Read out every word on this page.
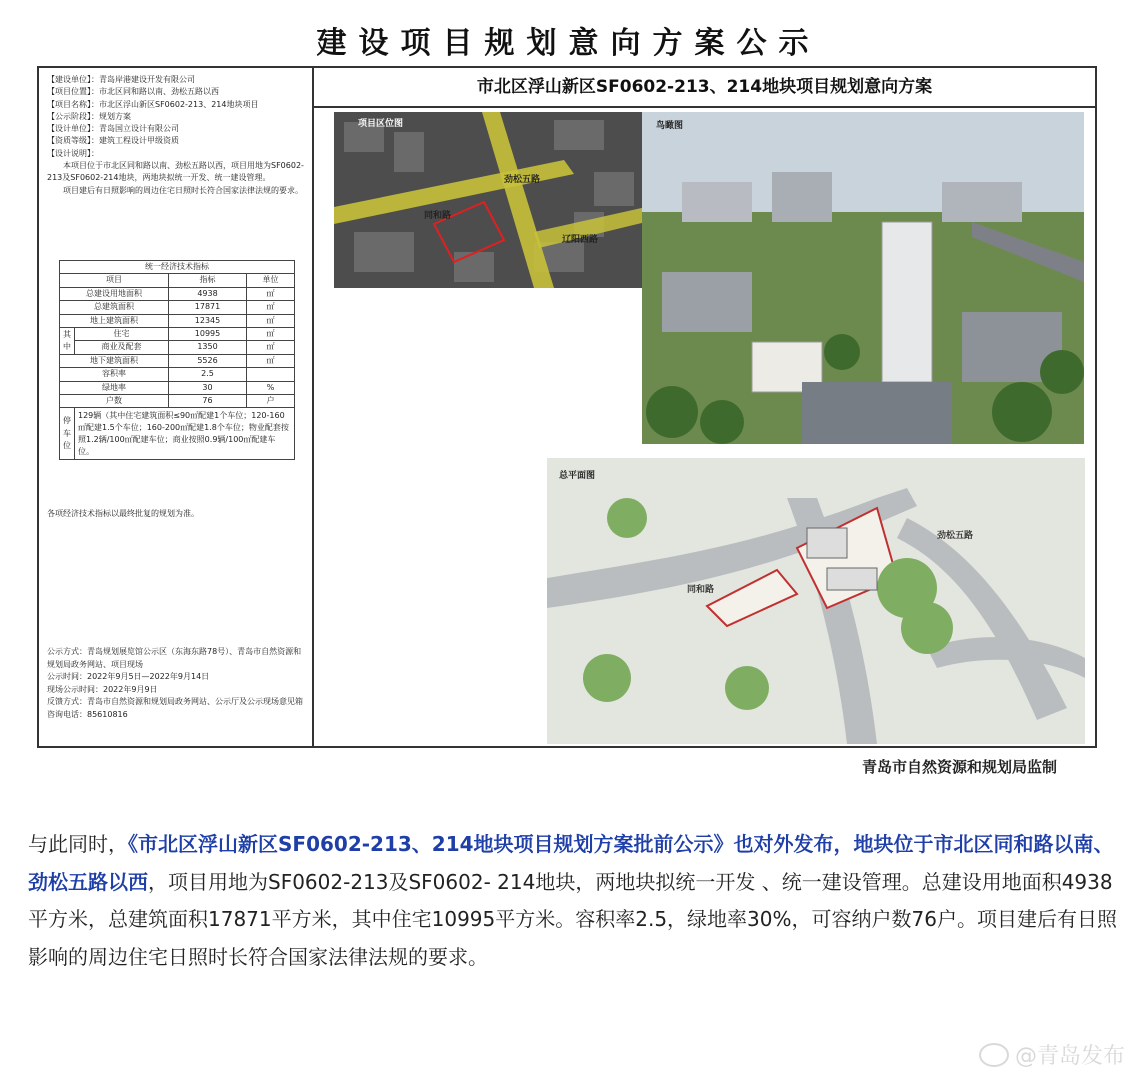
建设项目规划意向方案公示
【建设单位】：青岛岸港建设开发有限公司
【项目位置】：市北区同和路以南、劲松五路以西
【项目名称】：市北区浮山新区SF0602-213、214地块项目
【公示阶段】：规划方案
【设计单位】：青岛国立设计有限公司
【资质等级】：建筑工程设计甲级资质
【设计说明】：
本项目位于市北区同和路以南、劲松五路以西，项目用地为SF0602-213及SF0602-214地块，两地块拟统一开发、统一建设管理。
项目建后有日照影响的周边住宅日照时长符合国家法律法规的要求。
统一经济技术指标			
项目		指标	单位
总建设用地面积		4938	㎡
总建筑面积		17871	㎡
地上建筑面积		12345	㎡
其中	住宅	10995	㎡
	商业及配套	1350	㎡
地下建筑面积		5526	㎡
容积率		2.5	
绿地率		30	%
户数		76	户
停车位	129辆（其中住宅建筑面积≤90㎡配建1个车位；120-160㎡配建1.5个车位；160-200㎡配建1.8个车位；物业配套按照1.2辆/100㎡配建车位；商业按照0.9辆/100㎡配建车位。		
各项经济技术指标以最终批复的规划为准。
公示方式：青岛规划展览馆公示区（东海东路78号）、青岛市自然资源和规划局政务网站、项目现场
公示时间：2022年9月5日—2022年9月14日
现场公示时间：2022年9月9日
反馈方式：青岛市自然资源和规划局政务网站、公示厅及公示现场意见箱
咨询电话：85610816
市北区浮山新区SF0602-213、214地块项目规划意向方案
项目区位图
同和路
劲松五路
辽阳西路
鸟瞰图
总平面图
同和路
劲松五路
青岛市自然资源和规划局监制
与此同时，《市北区浮山新区SF0602-213、214地块项目规划方案批前公示》也对外发布，地块位于市北区同和路以南、劲松五路以西，项目用地为SF0602-213及SF0602- 214地块，两地块拟统一开发 、统一建设管理。总建设用地面积4938平方米，总建筑面积17871平方米，其中住宅10995平方米。容积率2.5，绿地率30%，可容纳户数76户。项目建后有日照影响的周边住宅日照时长符合国家法律法规的要求。
@青岛发布
